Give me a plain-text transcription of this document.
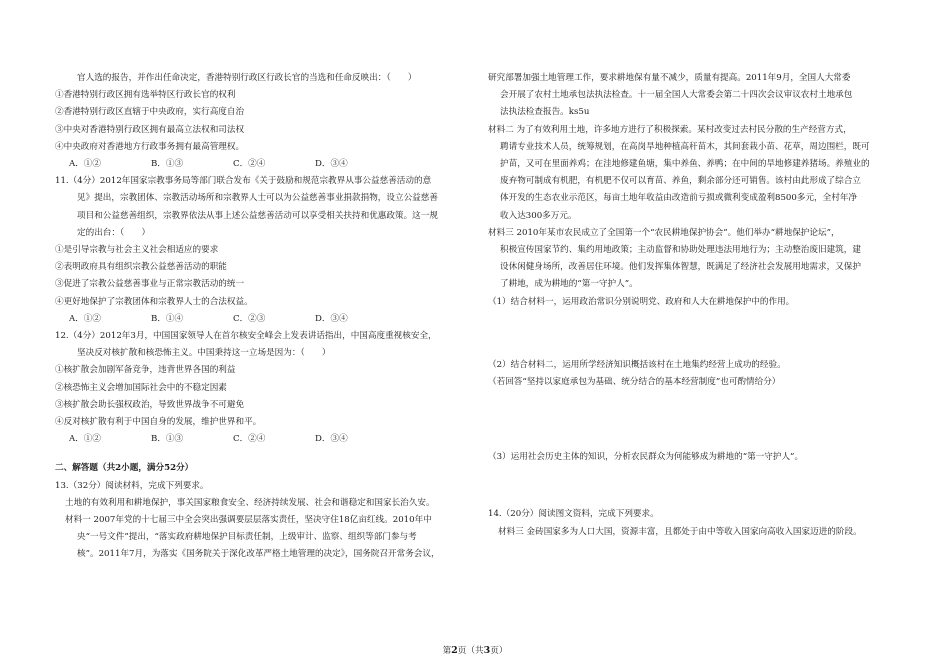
官人选的报告，并作出任命决定，香港特别行政区行政长官的当选和任命反映出：（　　）
①香港特别行政区拥有选举特区行政长官的权利
②香港特别行政区直辖于中央政府，实行高度自治
③中央对香港特别行政区拥有最高立法权和司法权
④中央政府对香港地方行政事务拥有最高管理权。
A．①②	B．①③	C．②④	D．③④
11.（4分）2012年国家宗教事务局等部门联合发布《关于鼓励和规范宗教界从事公益慈善活动的意
见》提出，宗教团体、宗教活动场所和宗教界人士可以为公益慈善事业捐款捐物，设立公益慈善
项目和公益慈善组织，宗教界依法从事上述公益慈善活动可以享受相关扶持和优惠政策。这一规
定的出台：（　　）
①是引导宗教与社会主义社会相适应的要求
②表明政府具有组织宗教公益慈善活动的职能
③促进了宗教公益慈善事业与正常宗教活动的统一
④更好地保护了宗教团体和宗教界人士的合法权益。
A．①②	B．①④	C．②③	D．③④
12.（4分）2012年3月，中国国家领导人在首尔核安全峰会上发表讲话指出，中国高度重视核安全，
坚决反对核扩散和核恐怖主义。中国秉持这一立场是因为：（　　）
①核扩散会加剧军备竞争，违背世界各国的利益
②核恐怖主义会增加国际社会中的不稳定因素
③核扩散会助长强权政治，导致世界战争不可避免
④反对核扩散有利于中国自身的发展，维护世界和平。
A．①②	B．①③	C．②④	D．③④
二、解答题（共2小题，满分52分）
13.（32分）阅读材料，完成下列要求。
土地的有效利用和耕地保护，事关国家粮食安全、经济持续发展、社会和谐稳定和国家长治久安。
材料一 2007年党的十七届三中全会突出强调要层层落实责任，坚决守住18亿亩红线。2010年中
央“一号文件”提出，“落实政府耕地保护目标责任制，上级审计、监察、组织等部门参与考
核”。2011年7月，为落实《国务院关于深化改革严格土地管理的决定》，国务院召开常务会议，
研究部署加强土地管理工作，要求耕地保有量不减少，质量有提高。2011年9月，全国人大常委
会开展了农村土地承包法执法检查。十一届全国人大常委会第二十四次会议审议农村土地承包
法执法检查报告。ks5u
材料二 为了有效利用土地，许多地方进行了积极探索。某村改变过去村民分散的生产经营方式，
聘请专业技术人员，统筹规划，在高岗旱地种植高秆苗木，其间套栽小苗、花草，周边围栏，既可
护苗，又可在里面养鸡；在洼地修建鱼塘，集中养鱼、养鸭；在中间的旱地修建养猪场。养殖业的
废弃物可制成有机肥，有机肥不仅可以育苗、养鱼，剩余部分还可销售。该村由此形成了综合立
体开发的生态农业示范区，每亩土地年收益由改造前亏损或微利变成盈利8500多元，全村年净
收入达300多万元。
材料三 2010年某市农民成立了全国第一个“农民耕地保护协会”。他们举办“耕地保护论坛”，
积极宣传国家节约、集约用地政策；主动监督和协助处理违法用地行为；主动整治废旧建筑，建
设休闲健身场所，改善居住环境。他们发挥集体智慧，既满足了经济社会发展用地需求，又保护
了耕地，成为耕地的“第一守护人”。
（1）结合材料一，运用政治常识分别说明党、政府和人大在耕地保护中的作用。
（2）结合材料二，运用所学经济知识概括该村在土地集约经营上成功的经验。
（若回答“坚持以家庭承包为基础、统分结合的基本经营制度”也可酌情给分）
（3）运用社会历史主体的知识，分析农民群众为何能够成为耕地的“第一守护人”。
14.（20分）阅读图文资料，完成下列要求。
材料三 金砖国家多为人口大国，资源丰富，且都处于由中等收入国家向高收入国家迈进的阶段。
第2页（共3页）
